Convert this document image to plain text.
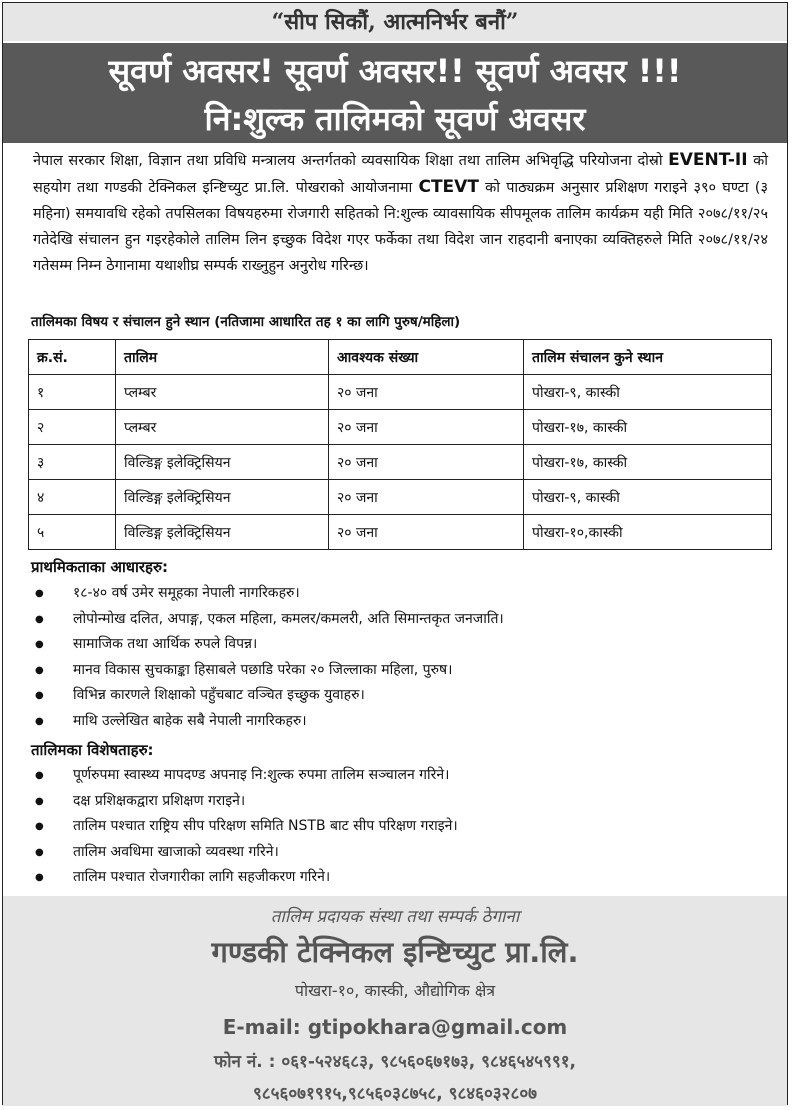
“सीप सिकौं, आत्मनिर्भर बनौं”
सूवर्ण अवसर! सूवर्ण अवसर!! सूवर्ण अवसर !!!
नि:शुल्क तालिमको सूवर्ण अवसर
नेपाल सरकार शिक्षा, विज्ञान तथा प्रविधि मन्त्रालय अन्तर्गतको व्यवसायिक शिक्षा तथा तालिम अभिवृद्धि परियोजना दोस्रो EVENT-II को सहयोग तथा गण्डकी टेक्निकल इन्ष्टिच्युट प्रा.लि. पोखराको आयोजनामा CTEVT को पाठ्यक्रम अनुसार प्रशिक्षण गराइने ३९० घण्टा (३ महिना) समयावधि रहेको तपसिलका विषयहरुमा रोजगारी सहितको नि:शुल्क व्यावसायिक सीपमूलक तालिम कार्यक्रम यही मिति २०७८/११/२५ गतेदेखि संचालन हुन गइरहेकोले तालिम लिन इच्छुक विदेश गएर फर्केका तथा विदेश जान राहदानी बनाएका व्यक्तिहरुले मिति २०७८/११/२४ गतेसम्म निम्न ठेगानामा यथाशीघ्र सम्पर्क राख्नुहुन अनुरोध गरिन्छ।
तालिमका विषय र संचालन हुने स्थान (नतिजामा आधारित तह १ का लागि पुरुष/महिला)
क्र.सं.	तालिम	आवश्यक संख्या	तालिम संचालन कुने स्थान
१	प्लम्बर	२० जना	पोखरा-९, कास्की
२	प्लम्बर	२० जना	पोखरा-१७, कास्की
३	विल्डिङ्ग इलेक्ट्रिसियन	२० जना	पोखरा-१७, कास्की
४	विल्डिङ्ग इलेक्ट्रिसियन	२० जना	पोखरा-९, कास्की
५	विल्डिङ्ग इलेक्ट्रिसियन	२० जना	पोखरा-१०,कास्की
प्राथमिकताका आधारहरु:
● १८-४० वर्ष उमेर समूहका नेपाली नागरिकहरु।
● लोपोन्मोख दलित, अपाङ्ग, एकल महिला, कमलर/कमलरी, अति सिमान्तकृत जनजाति।
● सामाजिक तथा आर्थिक रुपले विपन्न।
● मानव विकास सुचकाङ्का हिसाबले पछाडि परेका २० जिल्लाका महिला, पुरुष।
● विभिन्न कारणले शिक्षाको पहुँचबाट वञ्चित इच्छुक युवाहरु।
● माथि उल्लेखित बाहेक सबै नेपाली नागरिकहरु।
तालिमका विशेषताहरु:
● पूर्णरुपमा स्वास्थ्य मापदण्ड अपनाइ नि:शुल्क रुपमा तालिम सञ्चालन गरिने।
● दक्ष प्रशिक्षकद्वारा प्रशिक्षण गराइने।
● तालिम पश्चात राष्ट्रिय सीप परिक्षण समिति NSTB बाट सीप परिक्षण गराइने।
● तालिम अवधिमा खाजाको व्यवस्था गरिने।
● तालिम पश्चात रोजगारीका लागि सहजीकरण गरिने।
तालिम प्रदायक संस्था तथा सम्पर्क ठेगाना
गण्डकी टेक्निकल इन्ष्टिच्युट प्रा.लि.
पोखरा-१०, कास्की, औद्योगिक क्षेत्र
E-mail: gtipokhara@gmail.com
फोन नं. : ०६१-५२४६८३, ९८५६०६७१७३, ९८४६५४५९९१,
९८५६०७१९१५,९८५६०३८७५८, ९८४६०३२८०७
